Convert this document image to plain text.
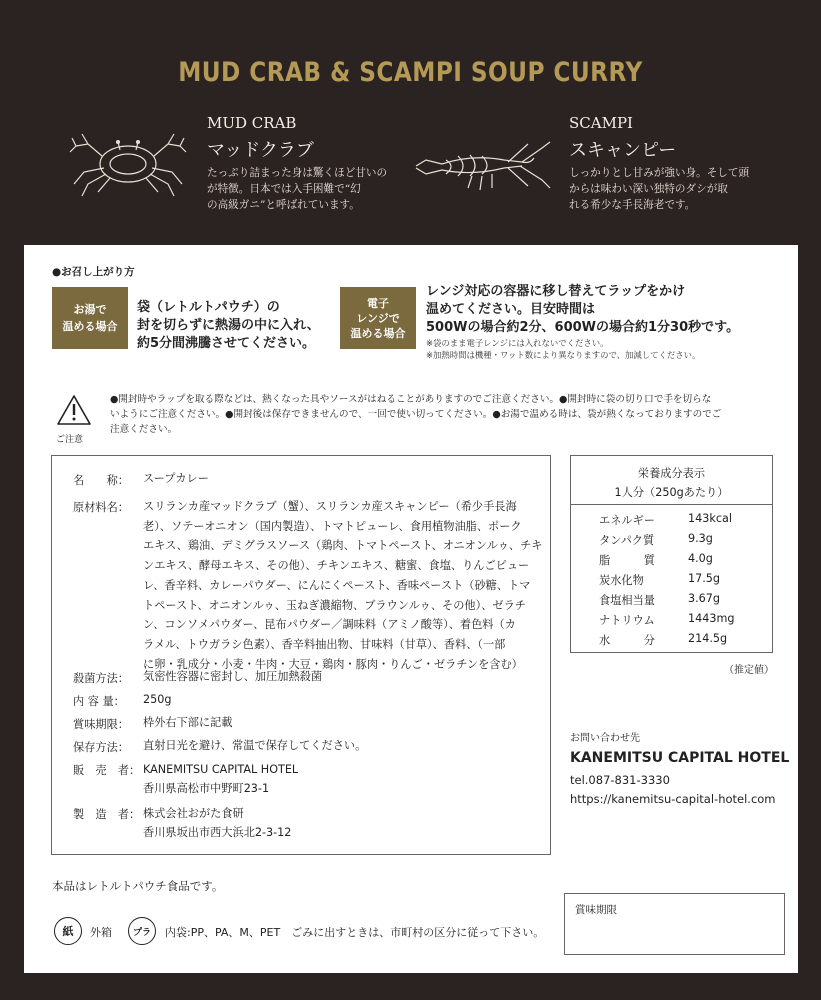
MUD CRAB & SCAMPI SOUP CURRY
MUD CRAB
マッドクラブ
たっぷり詰まった身は驚くほど甘いの
が特徴。日本では入手困難で“幻
の高級ガニ”と呼ばれています。
SCAMPI
スキャンピー
しっかりとし甘みが強い身。そして頭
からは味わい深い独特のダシが取
れる希少な手長海老です。
●お召し上がり方
お湯で
温める場合
袋（レトルトパウチ）の
封を切らずに熱湯の中に入れ、
約5分間沸騰させてください。
電子
レンジで
温める場合
レンジ対応の容器に移し替えてラップをかけ
温めてください。目安時間は
500Wの場合約2分、600Wの場合約1分30秒です。
※袋のまま電子レンジには入れないでください。
※加熱時間は機種・ワット数により異なりますので、加減してください。
ご注意
●開封時やラップを取る際などは、熱くなった具やソースがはねることがありますのでご注意ください。●開封時に袋の切り口で手を切らな
いようにご注意ください。●開封後は保存できませんので、一回で使い切ってください。●お湯で温める時は、袋が熱くなっておりますのでご
注意ください。
名　　称： スープカレー
原材料名： スリランカ産マッドクラブ（蟹）、スリランカ産スキャンピー（希少手長海
老）、ソテーオニオン（国内製造）、トマトピューレ、食用植物油脂、ポーク
エキス、鶏油、デミグラスソース（鶏肉、トマトペースト、オニオンルゥ、チキ
ンエキス、酵母エキス、その他）、チキンエキス、糖蜜、食塩、りんごピュー
レ、香辛料、カレーパウダー、にんにくペースト、香味ペースト（砂糖、トマ
トペースト、オニオンルゥ、玉ねぎ濃縮物、ブラウンルゥ、その他）、ゼラチ
ン、コンソメパウダー、昆布パウダー／調味料（アミノ酸等）、着色料（カ
ラメル、トウガラシ色素）、香辛料抽出物、甘味料（甘草）、香料、（一部
に卵・乳成分・小麦・牛肉・大豆・鶏肉・豚肉・りんご・ゼラチンを含む）
殺菌方法： 気密性容器に密封し、加圧加熱殺菌
内 容 量： 250g
賞味期限： 枠外右下部に記載
保存方法： 直射日光を避け、常温で保存してください。
販　売　者： KANEMITSU CAPITAL HOTEL
香川県高松市中野町23-1
製　造　者： 株式会社おがた食研
香川県坂出市西大浜北2-3-12
栄養成分表示
1人分（250gあたり）
エネルギー	143kcal
タンパク質	9.3g
脂　　　質	4.0g
炭水化物	17.5g
食塩相当量	3.67g
ナトリウム	1443mg
水　　　分	214.5g
（推定値）
お問い合わせ先
KANEMITSU CAPITAL HOTEL
tel.087-831-3330
https://kanemitsu-capital-hotel.com
本品はレトルトパウチ食品です。
紙	外箱	プラ	内袋:PP、PA、M、PET　ごみに出すときは、市町村の区分に従って下さい。
賞味期限
